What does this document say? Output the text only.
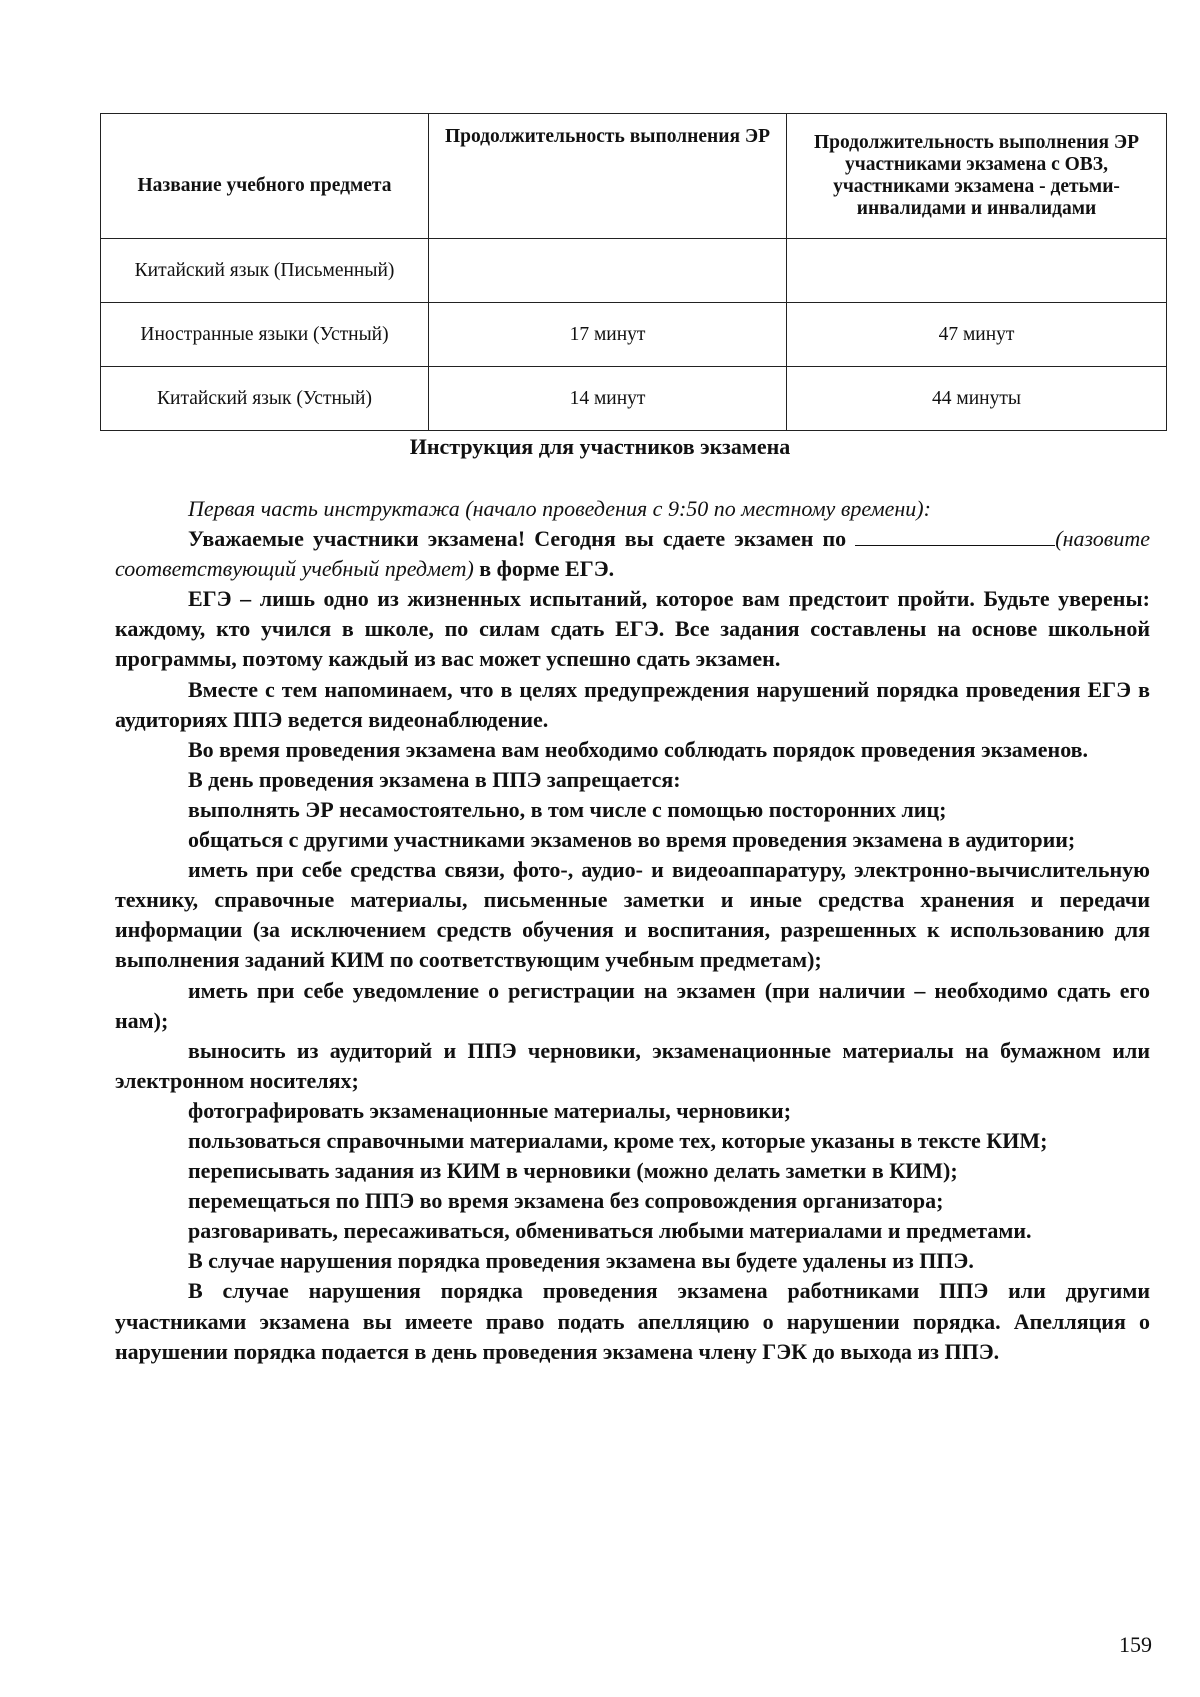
Название учебного предмета	Продолжительность выполнения ЭР	Продолжительность выполнения ЭР участниками экзамена с ОВЗ, участниками экзамена - детьми-инвалидами и инвалидами
Китайский язык (Письменный)		
Иностранные языки (Устный)	17 минут	47 минут
Китайский язык (Устный)	14 минут	44 минуты
Инструкция для участников экзамена

Первая часть инструктажа (начало проведения с 9:50 по местному времени):

Уважаемые участники экзамена! Сегодня вы сдаете экзамен по	(назовите соответствующий учебный предмет) в форме ЕГЭ.

ЕГЭ – лишь одно из жизненных испытаний, которое вам предстоит пройти. Будьте уверены: каждому, кто учился в школе, по силам сдать ЕГЭ. Все задания составлены на основе школьной программы, поэтому каждый из вас может успешно сдать экзамен.

Вместе с тем напоминаем, что в целях предупреждения нарушений порядка проведения ЕГЭ в аудиториях ППЭ ведется видеонаблюдение.

Во время проведения экзамена вам необходимо соблюдать порядок проведения экзаменов.

В день проведения экзамена в ППЭ запрещается:

выполнять ЭР несамостоятельно, в том числе с помощью посторонних лиц;

общаться с другими участниками экзаменов во время проведения экзамена в аудитории;

иметь при себе средства связи, фото-, аудио- и видеоаппаратуру, электронно-вычислительную технику, справочные материалы, письменные заметки и иные средства хранения и передачи информации (за исключением средств обучения и воспитания, разрешенных к использованию для выполнения заданий КИМ по соответствующим учебным предметам);

иметь при себе уведомление о регистрации на экзамен (при наличии – необходимо сдать его нам);

выносить из аудиторий и ППЭ черновики, экзаменационные материалы на бумажном или электронном носителях;

фотографировать экзаменационные материалы, черновики;

пользоваться справочными материалами, кроме тех, которые указаны в тексте КИМ;

переписывать задания из КИМ в черновики (можно делать заметки в КИМ);

перемещаться по ППЭ во время экзамена без сопровождения организатора;

разговаривать, пересаживаться, обмениваться любыми материалами и предметами.

В случае нарушения порядка проведения экзамена вы будете удалены из ППЭ.

В случае нарушения порядка проведения экзамена работниками ППЭ или другими участниками экзамена вы имеете право подать апелляцию о нарушении порядка. Апелляция о нарушении порядка подается в день проведения экзамена члену ГЭК до выхода из ППЭ.

159
